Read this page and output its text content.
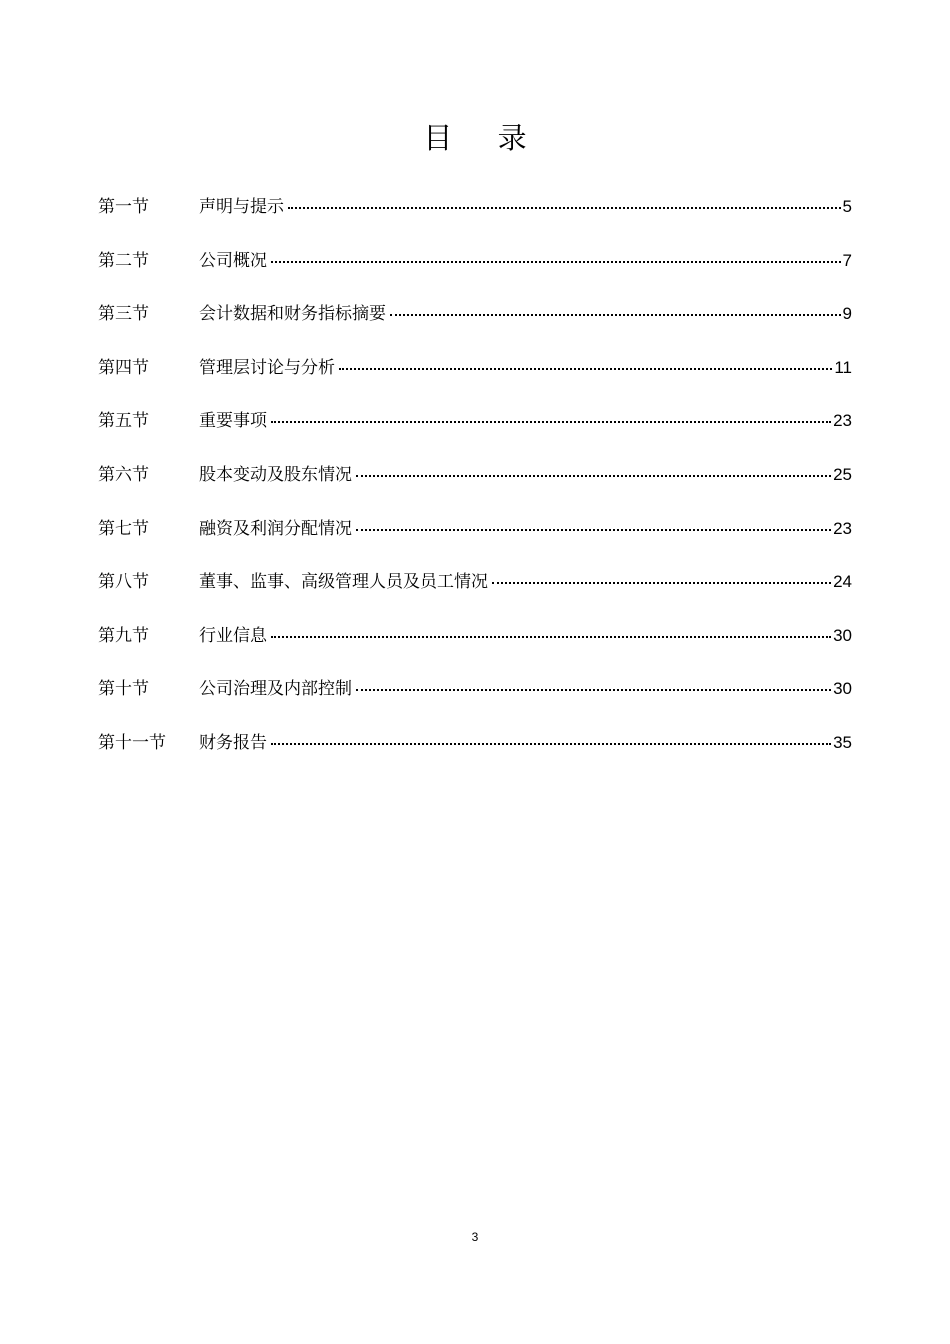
目 录
第一节	声明与提示	5
第二节	公司概况	7
第三节	会计数据和财务指标摘要	9
第四节	管理层讨论与分析	11
第五节	重要事项	23
第六节	股本变动及股东情况	25
第七节	融资及利润分配情况	23
第八节	董事、监事、高级管理人员及员工情况	24
第九节	行业信息	30
第十节	公司治理及内部控制	30
第十一节	财务报告	35
3
